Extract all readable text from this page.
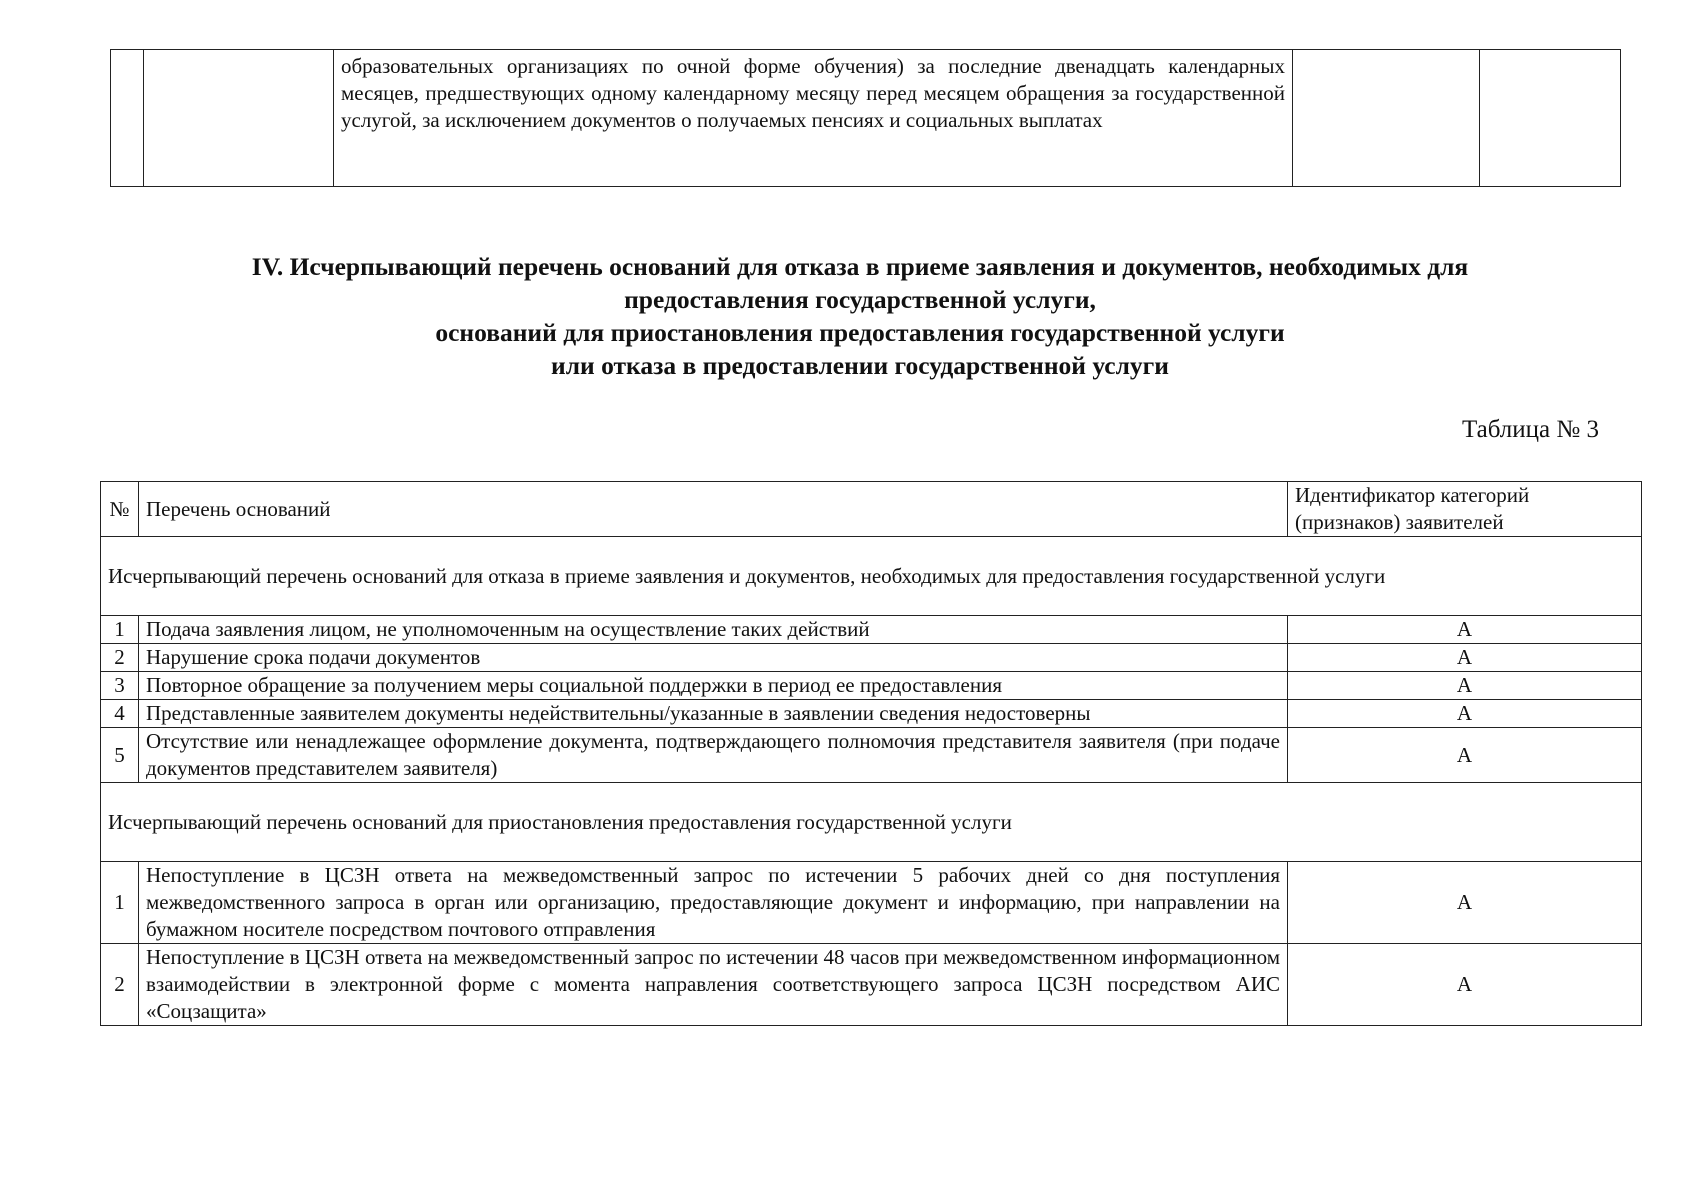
		образовательных организациях по очной форме обучения) за последние двенадцать календарных месяцев, предшествующих одному календарному месяцу перед месяцем обращения за государственной услугой, за исключением документов о получаемых пенсиях и социальных выплатах		
IV. Исчерпывающий перечень оснований для отказа в приеме заявления и документов, необходимых для
предоставления государственной услуги,
оснований для приостановления предоставления государственной услуги
или отказа в предоставлении государственной услуги
Таблица № 3
№	Перечень оснований	Идентификатор категорий (признаков) заявителей
Исчерпывающий перечень оснований для отказа в приеме заявления и документов, необходимых для предоставления государственной услуги		
1	Подача заявления лицом, не уполномоченным на осуществление таких действий	А
2	Нарушение срока подачи документов	А
3	Повторное обращение за получением меры социальной поддержки в период ее предоставления	А
4	Представленные заявителем документы недействительны/указанные в заявлении сведения недостоверны	А
5	Отсутствие или ненадлежащее оформление документа, подтверждающего полномочия представителя заявителя (при подаче документов представителем заявителя)	А
Исчерпывающий перечень оснований для приостановления предоставления государственной услуги		
1	Непоступление в ЦСЗН ответа на межведомственный запрос по истечении 5 рабочих дней со дня поступления межведомственного запроса в орган или организацию, предоставляющие документ и информацию, при направлении на бумажном носителе посредством почтового отправления	А
2	Непоступление в ЦСЗН ответа на межведомственный запрос по истечении 48 часов при межведомственном информационном взаимодействии в электронной форме с момента направления соответствующего запроса ЦСЗН посредством АИС «Соцзащита»	А
